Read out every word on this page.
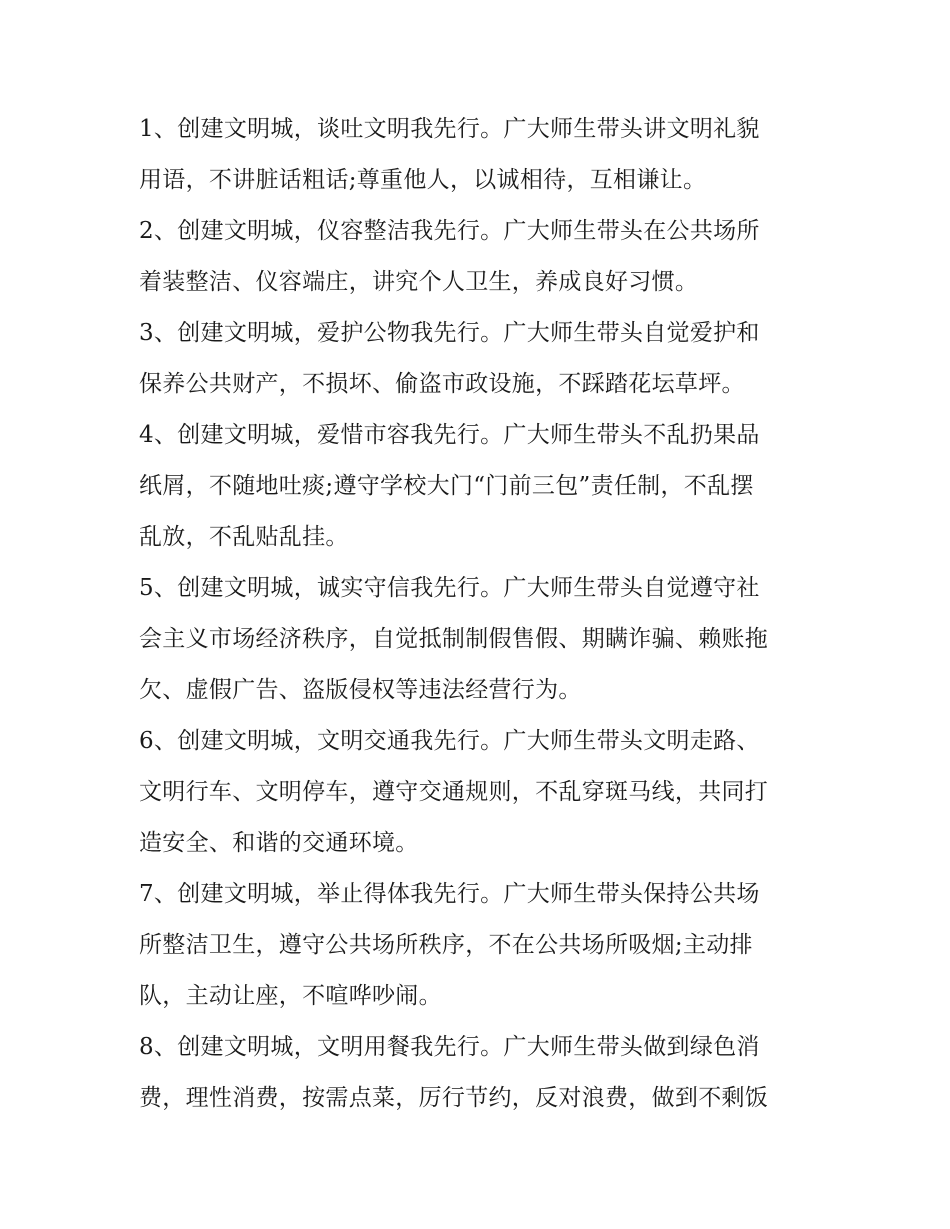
1、创建文明城，谈吐文明我先行。广大师生带头讲文明礼貌
用语，不讲脏话粗话;尊重他人，以诚相待，互相谦让。
2、创建文明城，仪容整洁我先行。广大师生带头在公共场所
着装整洁、仪容端庄，讲究个人卫生，养成良好习惯。
3、创建文明城，爱护公物我先行。广大师生带头自觉爱护和
保养公共财产，不损坏、偷盗市政设施，不踩踏花坛草坪。
4、创建文明城，爱惜市容我先行。广大师生带头不乱扔果品
纸屑，不随地吐痰;遵守学校大门“门前三包”责任制，不乱摆
乱放，不乱贴乱挂。
5、创建文明城，诚实守信我先行。广大师生带头自觉遵守社
会主义市场经济秩序，自觉抵制制假售假、期瞒诈骗、赖账拖
欠、虚假广告、盗版侵权等违法经营行为。
6、创建文明城，文明交通我先行。广大师生带头文明走路、
文明行车、文明停车，遵守交通规则，不乱穿斑马线，共同打
造安全、和谐的交通环境。
7、创建文明城，举止得体我先行。广大师生带头保持公共场
所整洁卫生，遵守公共场所秩序，不在公共场所吸烟;主动排
队，主动让座，不喧哗吵闹。
8、创建文明城，文明用餐我先行。广大师生带头做到绿色消
费，理性消费，按需点菜，厉行节约，反对浪费，做到不剩饭
